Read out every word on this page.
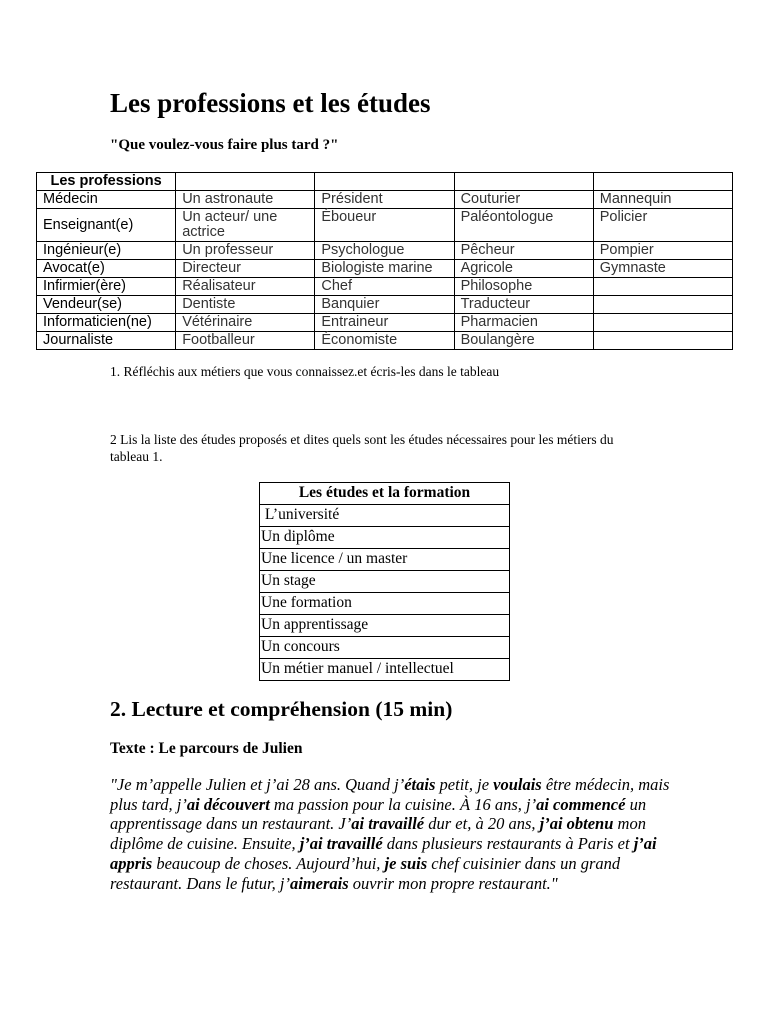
Les professions et les études

"Que voulez-vous faire plus tard ?"

Les professions				
Médecin	Un astronaute	Président	Couturier	Mannequin
Enseignant(e)	Un acteur/ une actrice	Éboueur	Paléontologue	Policier
Ingénieur(e)	Un professeur	Psychologue	Pêcheur	Pompier
Avocat(e)	Directeur	Biologiste marine	Agricole	Gymnaste
Infirmier(ère)	Réalisateur	Chef	Philosophe	
Vendeur(se)	Dentiste	Banquier	Traducteur	
Informaticien(ne)	Vétérinaire	Entraineur	Pharmacien	
Journaliste	Footballeur	Économiste	Boulangère	

1. Réfléchis aux métiers que vous connaissez.et écris-les dans le tableau

2 Lis la liste des études proposés et dites quels sont les études nécessaires pour les métiers du tableau 1.

Les études et la formation
L’université
Un diplôme
Une licence / un master
Un stage
Une formation
Un apprentissage
Un concours
Un métier manuel / intellectuel
2. Lecture et compréhension (15 min)

Texte : Le parcours de Julien

"Je m’appelle Julien et j’ai 28 ans. Quand j’étais petit, je voulais être médecin, mais plus tard, j’ai découvert ma passion pour la cuisine. À 16 ans, j’ai commencé un apprentissage dans un restaurant. J’ai travaillé dur et, à 20 ans, j’ai obtenu mon diplôme de cuisine. Ensuite, j’ai travaillé dans plusieurs restaurants à Paris et j’ai appris beaucoup de choses. Aujourd’hui, je suis chef cuisinier dans un grand restaurant. Dans le futur, j’aimerais ouvrir mon propre restaurant."
